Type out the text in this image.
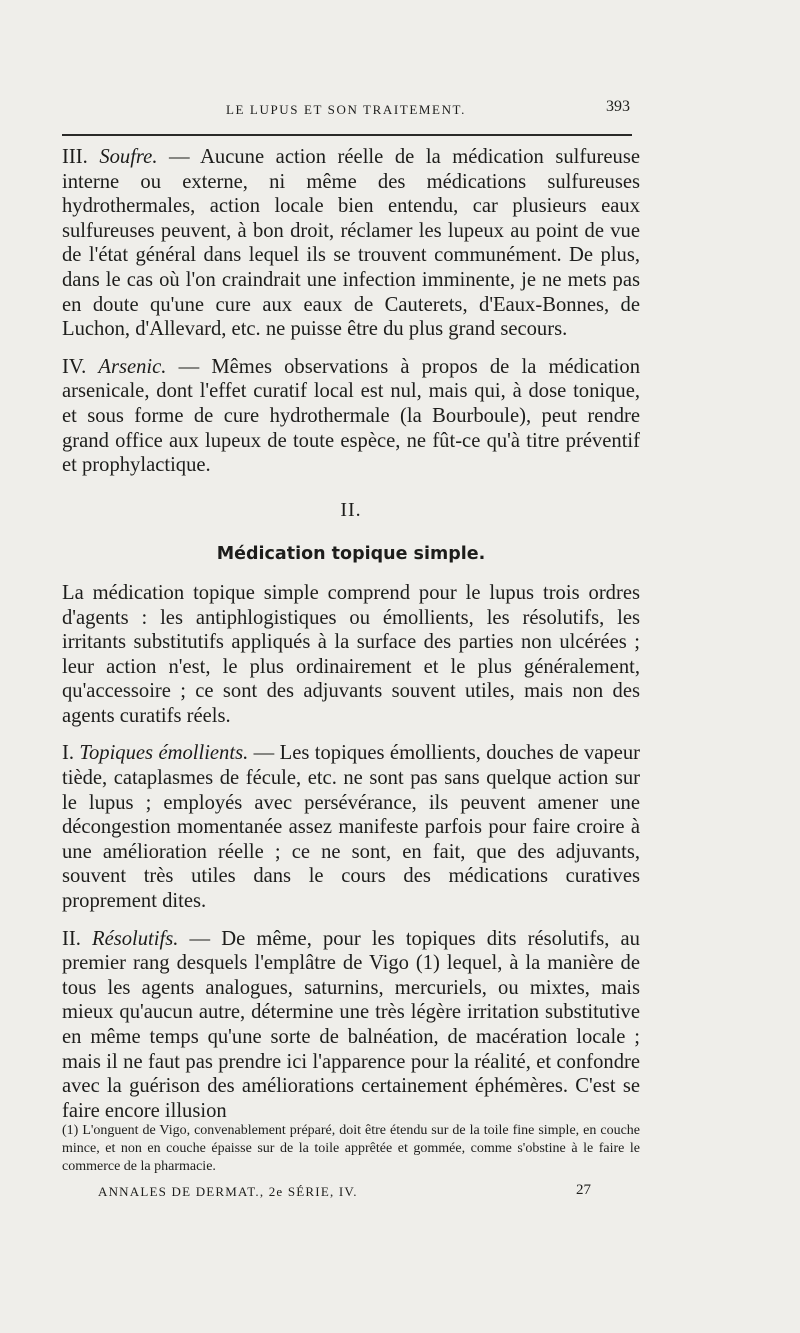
LE LUPUS ET SON TRAITEMENT.	393

III. Soufre. — Aucune action réelle de la médication sulfureuse interne ou externe, ni même des médications sulfureuses hydrothermales, action locale bien entendu, car plusieurs eaux sulfureuses peuvent, à bon droit, réclamer les lupeux au point de vue de l'état général dans lequel ils se trouvent communément. De plus, dans le cas où l'on craindrait une infection imminente, je ne mets pas en doute qu'une cure aux eaux de Cauterets, d'Eaux-Bonnes, de Luchon, d'Allevard, etc. ne puisse être du plus grand secours.

IV. Arsenic. — Mêmes observations à propos de la médication arsenicale, dont l'effet curatif local est nul, mais qui, à dose tonique, et sous forme de cure hydrothermale (la Bourboule), peut rendre grand office aux lupeux de toute espèce, ne fût-ce qu'à titre préventif et prophylactique.

II.
Médication topique simple.

La médication topique simple comprend pour le lupus trois ordres d'agents : les antiphlogistiques ou émollients, les résolutifs, les irritants substitutifs appliqués à la surface des parties non ulcérées ; leur action n'est, le plus ordinairement et le plus généralement, qu'accessoire ; ce sont des adjuvants souvent utiles, mais non des agents curatifs réels.

I. Topiques émollients. — Les topiques émollients, douches de vapeur tiède, cataplasmes de fécule, etc. ne sont pas sans quelque action sur le lupus ; employés avec persévérance, ils peuvent amener une décongestion momentanée assez manifeste parfois pour faire croire à une amélioration réelle ; ce ne sont, en fait, que des adjuvants, souvent très utiles dans le cours des médications curatives proprement dites.

II. Résolutifs. — De même, pour les topiques dits résolutifs, au premier rang desquels l'emplâtre de Vigo (1) lequel, à la manière de tous les agents analogues, saturnins, mercuriels, ou mixtes, mais mieux qu'aucun autre, détermine une très légère irritation substitutive en même temps qu'une sorte de balnéation, de macération locale ; mais il ne faut pas prendre ici l'apparence pour la réalité, et confondre avec la guérison des améliorations certainement éphémères. C'est se faire encore illusion

(1) L'onguent de Vigo, convenablement préparé, doit être étendu sur de la toile fine simple, en couche mince, et non en couche épaisse sur de la toile apprêtée et gommée, comme s'obstine à le faire le commerce de la pharmacie.

ANNALES DE DERMAT., 2e SÉRIE, IV.	27
